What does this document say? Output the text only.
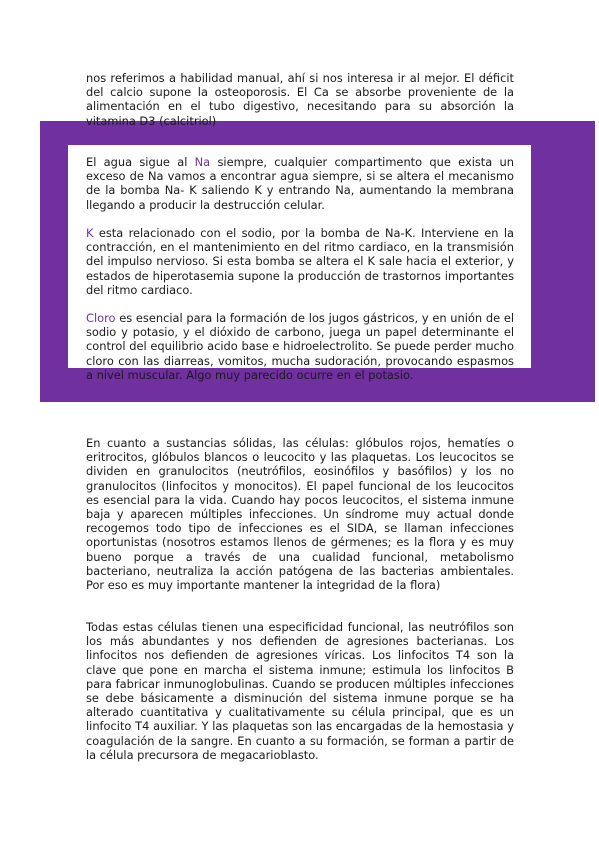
nos referimos a habilidad manual, ahí si nos interesa ir al mejor. El déficit del calcio supone la osteoporosis. El Ca se absorbe proveniente de la alimentación en el tubo digestivo, necesitando para su absorción la vitamina D3 (calcitriol)

El agua sigue al Na siempre, cualquier compartimento que exista un exceso de Na vamos a encontrar agua siempre, si se altera el mecanismo de la bomba Na- K saliendo K y entrando Na, aumentando la membrana llegando a producir la destrucción celular.

K esta relacionado con el sodio, por la bomba de Na-K. Interviene en la contracción, en el mantenimiento en del ritmo cardiaco, en la transmisión del impulso nervioso. Si esta bomba se altera el K sale hacia el exterior, y estados de hiperotasemia supone la producción de trastornos importantes del ritmo cardiaco.

Cloro es esencial para la formación de los jugos gástricos, y en unión de el sodio y potasio, y el dióxido de carbono, juega un papel determinante el control del equilibrio acido base e hidroelectrolito. Se puede perder mucho cloro con las diarreas, vomitos, mucha sudoración, provocando espasmos a nivel muscular. Algo muy parecido ocurre en el potasio.

En cuanto a sustancias sólidas, las células: glóbulos rojos, hematíes o eritrocitos, glóbulos blancos o leucocito y las plaquetas. Los leucocitos se dividen en granulocitos (neutrófilos, eosinófilos y basófilos) y los no granulocitos (linfocitos y monocitos). El papel funcional de los leucocitos es esencial para la vida. Cuando hay pocos leucocitos, el sistema inmune baja y aparecen múltiples infecciones. Un síndrome muy actual donde recogemos todo tipo de infecciones es el SIDA, se llaman infecciones oportunistas (nosotros estamos llenos de gérmenes; es la flora y es muy bueno porque a través de una cualidad funcional, metabolismo bacteriano, neutraliza la acción patógena de las bacterias ambientales. Por eso es muy importante mantener la integridad de la flora)

Todas estas células tienen una especificidad funcional, las neutrófilos son los más abundantes y nos defienden de agresiones bacterianas. Los linfocitos nos defienden de agresiones víricas. Los linfocitos T4 son la clave que pone en marcha el sistema inmune; estimula los linfocitos B para fabricar inmunoglobulinas. Cuando se producen múltiples infecciones se debe básicamente a disminución del sistema inmune porque se ha alterado cuantitativa y cualitativamente su célula principal, que es un linfocito T4 auxiliar. Y las plaquetas son las encargadas de la hemostasia y coagulación de la sangre. En cuanto a su formación, se forman a partir de la célula precursora de megacarioblasto.
